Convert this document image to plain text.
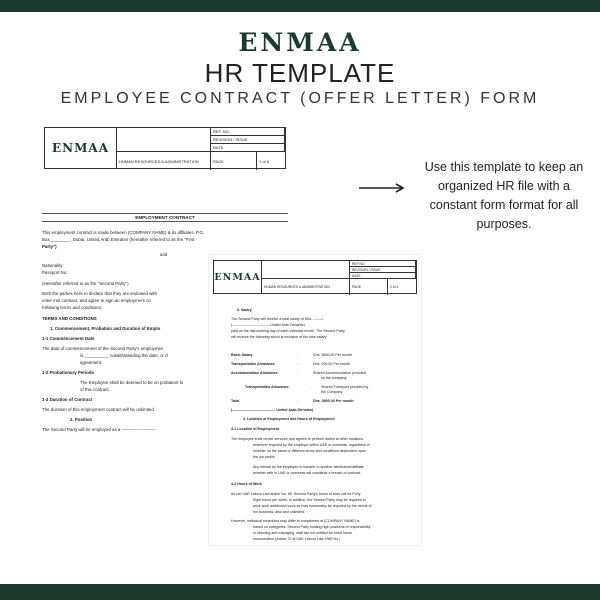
ENMAA
HR TEMPLATE
EMPLOYEE CONTRACT (OFFER LETTER) FORM
ENMAA
REF. NO.
REVISION / ISSUE
DATE
HUMAN RESOURCES & ADMINISTRATION	PAGE	1 of 8
EMPLOYMENT CONTRACT
This employment contract is made between (COMPANY NAME) & its affiliates, P.O.
Box ________, Dubai, United Arab Emirates (hereafter referred to as the "First
Party")
and
Nationality:
Passport No.:
(Hereafter referred to as the "Second Party")
Both the parties here to declare that they are endowed with
enter into contract, and agree to sign an employment co
following terms and conditions:
TERMS AND CONDITIONS
1. Commencement, Probation and Duration of Emplo
1-1 Commencement Date
The date of commencement of the Second Party's employmen
is __________ notwithstanding the date, or d
agreement.
1-2 Probationary Periods
The Employee shall be deemed to be on probation fo
of this contract.
1-3 Duration of Contract
The duration of this employment contract will be unlimited.
2. Position
The Second Party will be employed as a ------------------------
ENMAA
REF NO.
REVISION / ISSUE
DATE
HUMAN RESOURCES & ADMINISTRATION	PAGE	2 of 4
3. Salary
The Second Party will receive a total salary of Dhs. -------/-
(------------------------------- United Arab Dirhams)
paid on the last working day of each calendar month. The Second Party
will receive the following which is inclusive of the total salary:
Basic Salary	:	Dhs. 3800.00 Per month
Transportation Allowance	:	Dhs. 000.00 Per month
Accommodation Allowance	:	Shared Accommodation provided
by the company.
Transportation Allowance	:	Shared Transport provided by
the Company.
Total	:	Dhs. 0800.00 Per month
(------------------------------------ United Arab Dirhams)
4. Location of Employment and Hours of Employment
4-1 Location of Employment
The employee shall render services and agrees to perform duties at other locations
wherever required by the employer within UAE or overseas, regardless of
whether on the same or different terms and conditions dependent upon
the job profile.
Any refusal by the employee to transfer to another site/branch/affiliate
whether with in UAE or overseas will constitute a breach of contract.
4-2 Hours of Work
As per UAE Labour Law article No. 65, Second Party's hours of work will be Forty
Eight hours per week. In addition, the Second Party may be required to
work such additional hours as may reasonably be required by the needs of
the business, also and unlimited.
However, individual schedules may differ to compliment at (COMPANY NAME) is
based on categories. Second Party holding high positions of responsibility
in directing and managing, staff are not entitled for extra hours
remuneration (Article 72 of UAE Labour Law 1980 No.)
Use this template to keep an organized HR file with a constant form format for all purposes.
